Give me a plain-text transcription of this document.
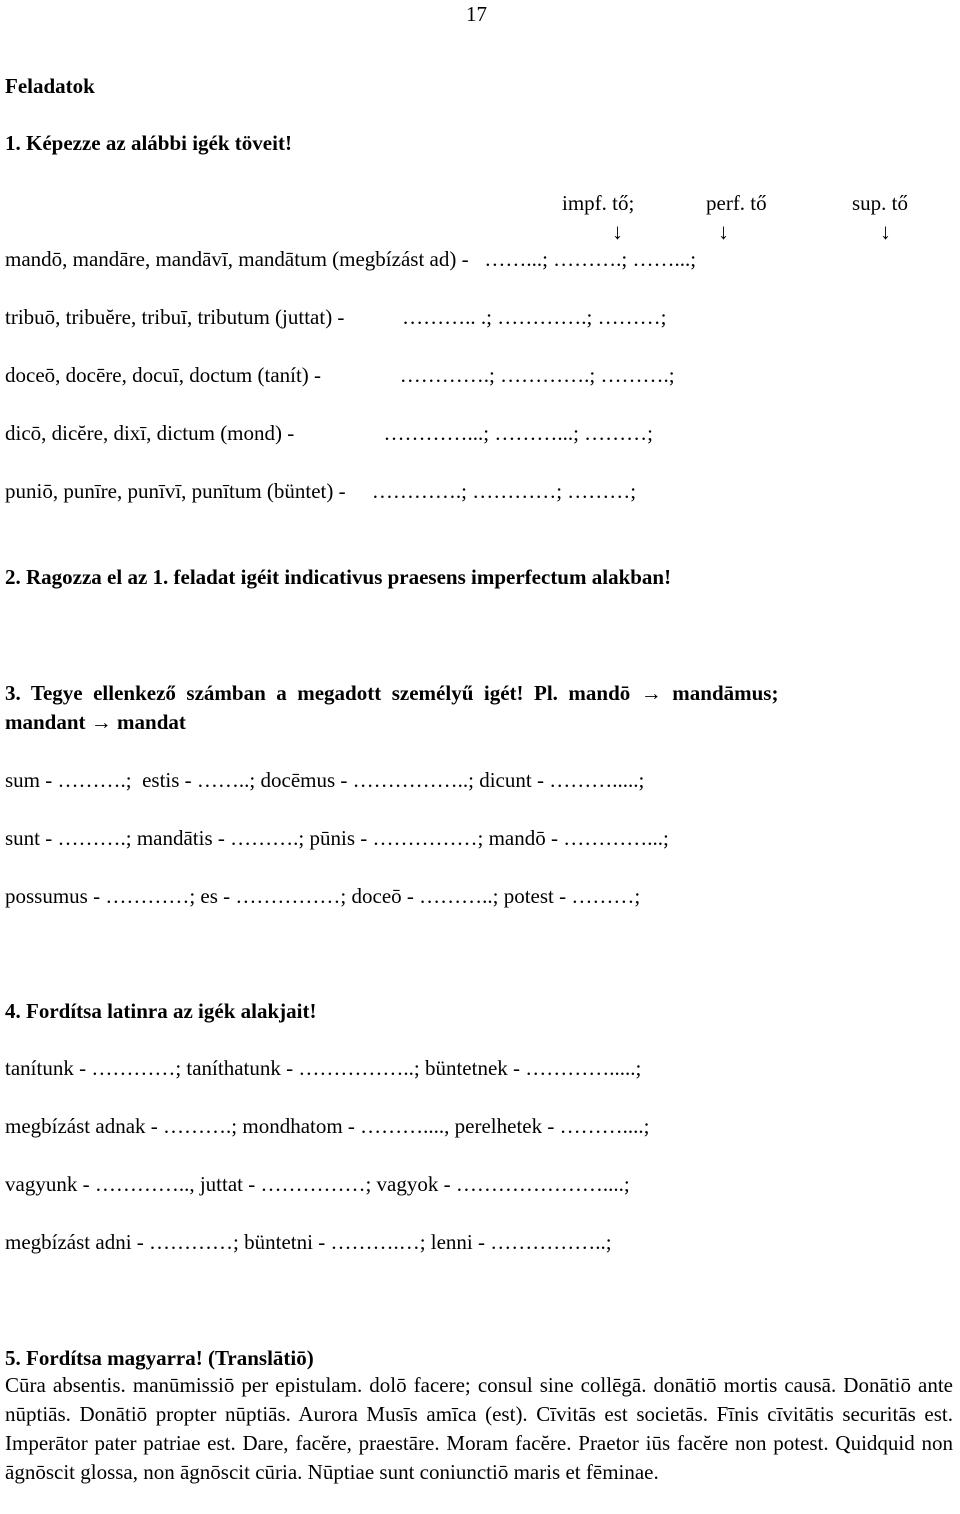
17
Feladatok
1. Képezze az alábbi igék töveit!
impf. tő;	perf. tő	sup. tő
↓	↓	↓
mandō, mandāre, mandāvī, mandātum (megbízást ad) -   ……...; ……….; ……...;
tribuō, tribuĕre, tribuī, tributum (juttat) -           ……….. .; ………….; ………;
doceō, docēre, docuī, doctum (tanít) -               ………….; ………….; ……….;
dicō, dicĕre, dixī, dictum (mond) -                 …………...; ………...; ………;
puniō, punīre, punīvī, punītum (büntet) -     ………….; …………; ………;
2. Ragozza el az 1. feladat igéit indicativus praesens imperfectum alakban!
3.  Tegye  ellenkező  számban  a  megadott  személyű  igét!  Pl.  mandō  →  mandāmus;
mandant → mandat
sum - ……….;  estis - ……..; docēmus - ……………..; dicunt - ……….....;
sunt - ……….; mandātis - ……….; pūnis - ……………; mandō - …………...;
possumus - …………; es - ……………; doceō - ………..; potest - ………;
4. Fordítsa latinra az igék alakjait!
tanítunk - …………; taníthatunk - ……………..; büntetnek - ………….....;
megbízást adnak - ……….; mondhatom - ………...., perelhetek - ………....;
vagyunk - ………….., juttat - ……………; vagyok - …………………....;
megbízást adni - …………; büntetni - ……….…; lenni - ……………..;
5. Fordítsa magyarra! (Translātiō)
Cūra absentis. manūmissiō per epistulam. dolō facere; consul sine collēgā. donātiō mortis causā. Donātiō ante nūptiās. Donātiō propter nūptiās. Aurora Musīs amīca (est). Cīvitās est societās. Fīnis cīvitātis securitās est. Imperātor pater patriae est. Dare, facĕre, praestāre. Moram facĕre. Praetor iūs facĕre non potest. Quidquid non āgnōscit glossa, non āgnōscit cūria. Nūptiae sunt coniunctiō maris et fēminae.
